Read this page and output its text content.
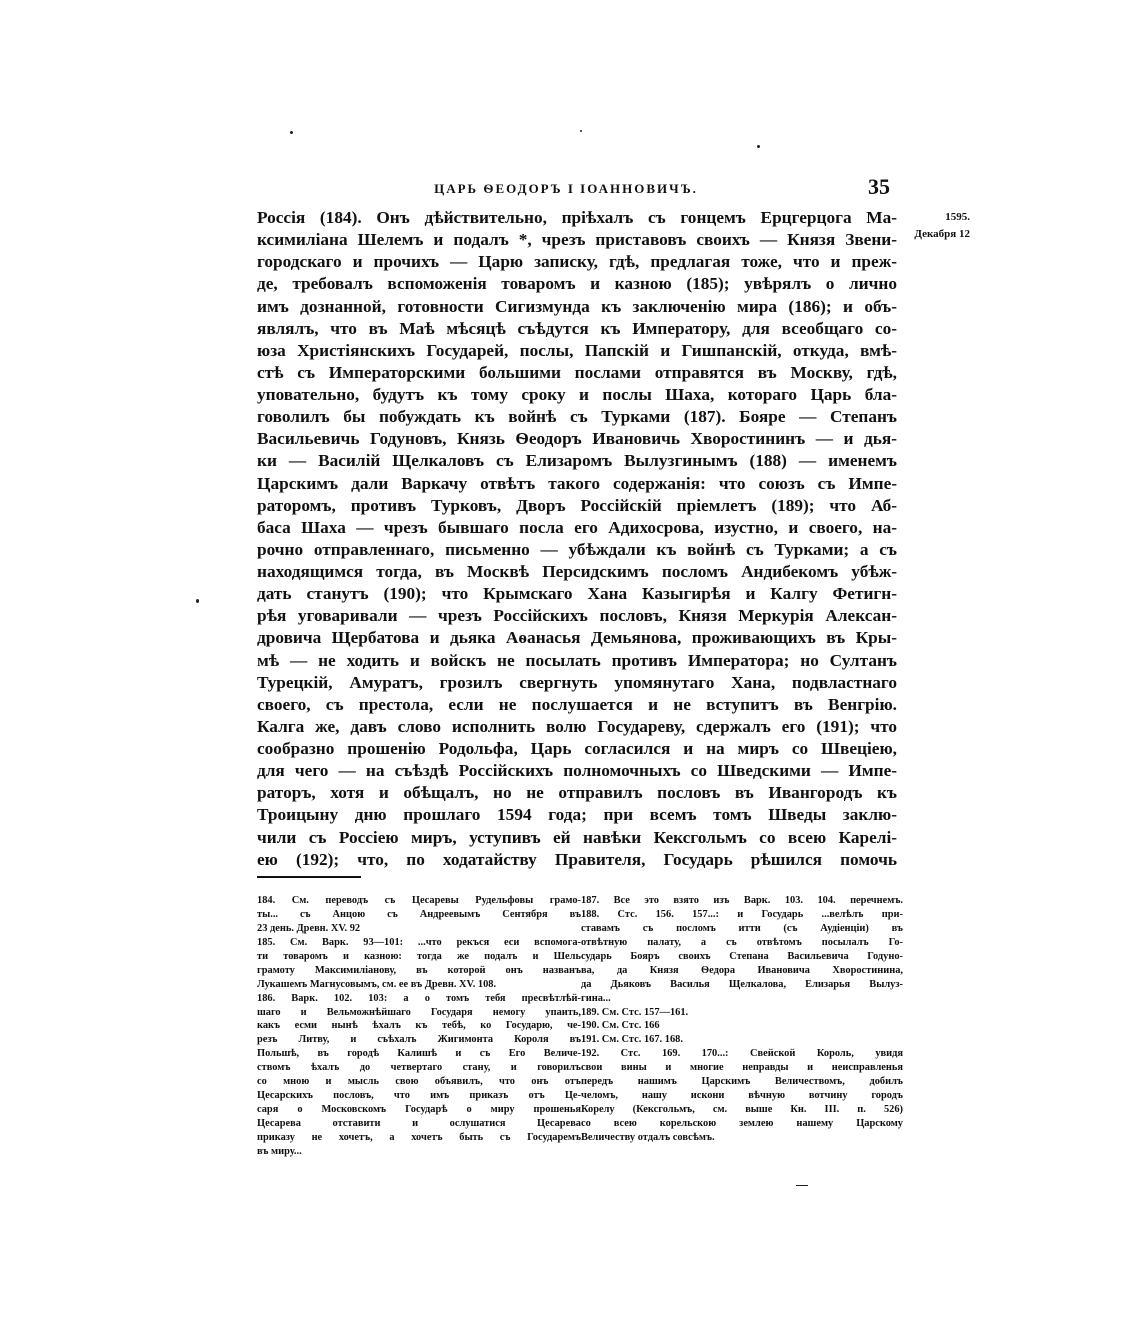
ЦАРЬ ѲЕОДОРЪ I ІОАННОВИЧЪ.	35
1595.
Декабря 12
Россія (184). Онъ дѣйствительно, пріѣхалъ съ гонцемъ Ерцгерцога Ма-
ксимиліана Шелемъ и подалъ *, чрезъ приставовъ своихъ — Князя Звени-
городскаго и прочихъ — Царю записку, гдѣ, предлагая тоже, что и преж-
де, требовалъ вспоможенія товаромъ и казною (185); увѣрялъ о лично
имъ дознанной, готовности Сигизмунда къ заключенію мира (186); и объ-
являлъ, что въ Маѣ мѣсяцѣ съѣдутся къ Императору, для всеобщаго со-
юза Христіянскихъ Государей, послы, Папскій и Гишпанскій, откуда, вмѣ-
стѣ съ Императорскими большими послами отправятся въ Москву, гдѣ,
уповательно, будутъ къ тому сроку и послы Шаха, котораго Царь бла-
говолилъ бы побуждать къ войнѣ съ Турками (187). Бояре — Степанъ
Васильевичь Годуновъ, Князь Ѳеодоръ Ивановичь Хворостининъ — и дья-
ки — Василій Щелкаловъ съ Елизаромъ Вылузгинымъ (188) — именемъ
Царскимъ дали Варкачу отвѣтъ такого содержанія: что союзъ съ Импе-
раторомъ, противъ Турковъ, Дворъ Россійскій пріемлетъ (189); что Аб-
баса Шаха — чрезъ бывшаго посла его Адихосрова, изустно, и своего, на-
рочно отправленнаго, письменно — убѣждали къ войнѣ съ Турками; а съ
находящимся тогда, въ Москвѣ Персидскимъ посломъ Андибекомъ убѣж-
дать станутъ (190); что Крымскаго Хана Казыгирѣя и Калгу Фетигн-
рѣя уговаривали — чрезъ Россійскихъ пословъ, Князя Меркурія Алексан-
дровича Щербатова и дьяка Аѳанасья Демьянова, проживающихъ въ Кры-
мѣ — не ходить и войскъ не посылать противъ Императора; но Султанъ
Турецкій, Амуратъ, грозилъ свергнуть упомянутаго Хана, подвластнаго
своего, съ престола, если не послушается и не вступитъ въ Венгрію.
Калга же, давъ слово исполнить волю Государеву, сдержалъ его (191); что
сообразно прошенію Родольфа, Царь согласился и на миръ со Швеціею,
для чего — на съѣздѣ Россійскихъ полномочныхъ со Шведскими — Импе-
раторъ, хотя и обѣщалъ, но не отправилъ пословъ въ Ивангородъ къ
Троицыну дню прошлаго 1594 года; при всемъ томъ Шведы заклю-
чили съ Россіею миръ, уступивъ ей навѣки Кексгольмъ со всею Карелі-
ею (192); что, по ходатайству Правителя, Государь рѣшился помочь
184. См. переводъ съ Цесаревы Рудельфовы грамо-
ты... съ Анцою съ Андреевымъ Сентября въ
23 день. Древн. XV. 92
185. См. Варк. 93—101: ...что рекъся еси вспомога-
ти товаромъ и казною: тогда же подалъ и Шель
грамоту Максимиліанову, въ которой онъ названъ
Лукашемъ Магнусовымъ, см. ее въ Древн. XV. 108.
186. Варк. 102. 103: а о томъ тебя пресвѣтлѣй-
шаго и Вельможнѣйшаго Государя немогу упаить,
какъ есми нынѣ ѣхалъ къ тебѣ, ко Государю, че-
резъ Литву, и съѣхалъ Жигимонта Короля въ
Польшѣ, въ городѣ Калишѣ и съ Его Величе-
ствомъ ѣхалъ до четвертаго стану, и говорилъ
со мною и мысль свою объявилъ, что онъ отъ
Цесарскихъ пословъ, что имъ приказъ отъ Це-
саря о Московскомъ Государѣ о миру прошенья
Цесарева отставити и ослушатися Цесарева
приказу не хочетъ, а хочетъ быть съ Государемъ
въ миру...
187. Все это взято изъ Варк. 103. 104. перечнемъ.
188. Стс. 156. 157...: и Государь ...велѣлъ при-
ставамъ съ посломъ итти (съ Аудіенціи) въ
отвѣтную палату, а съ отвѣтомъ посылалъ Го-
сударь Бояръ своихъ Степана Васильевича Годуно-
ва, да Князя Ѳедора Ивановича Хворостинина,
да Дьяковъ Василья Щелкалова, Елизарья Вылуз-
гина...
189. См. Стс. 157—161.
190. См. Стс. 166
191. См. Стс. 167. 168.
192. Стс. 169. 170...: Свейской Король, увидя
свои вины и многие неправды и неисправленья
передъ нашимъ Царскимъ Величествомъ, добилъ
челомъ, нашу искони вѣчную вотчину городъ
Корелу (Кексгольмъ, см. выше Кн. III. п. 526)
со всею корельскою землею нашему Царскому
Величеству отдалъ совсѣмъ.
